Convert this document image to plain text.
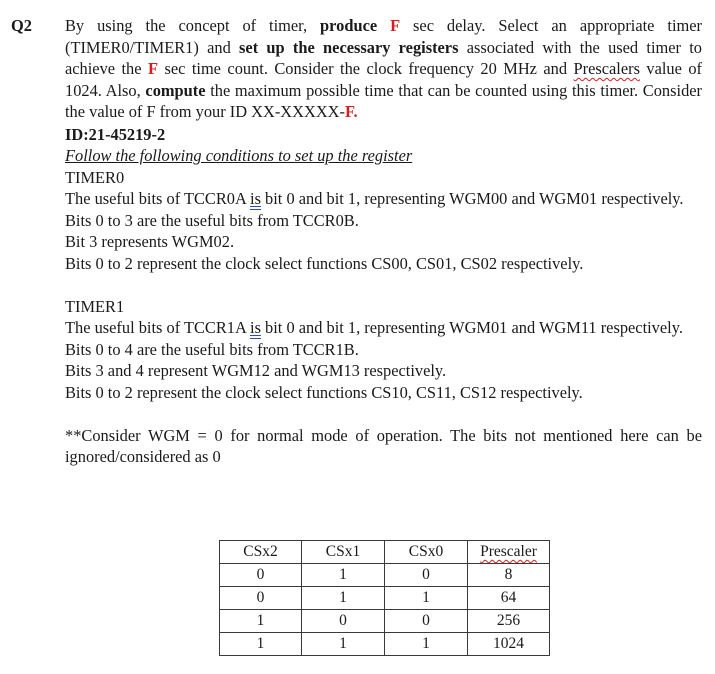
Q2 By using the concept of timer, produce F sec delay. Select an appropriate timer (TIMER0/TIMER1) and set up the necessary registers associated with the used timer to achieve the F sec time count. Consider the clock frequency 20 MHz and Prescalers value of 1024. Also, compute the maximum possible time that can be counted using this timer. Consider the value of F from your ID XX-XXXXX-F.
ID:21-45219-2
Follow the following conditions to set up the register
TIMER0
The useful bits of TCCR0A is bit 0 and bit 1, representing WGM00 and WGM01 respectively.
Bits 0 to 3 are the useful bits from TCCR0B.
Bit 3 represents WGM02.
Bits 0 to 2 represent the clock select functions CS00, CS01, CS02 respectively.
TIMER1
The useful bits of TCCR1A is bit 0 and bit 1, representing WGM01 and WGM11 respectively.
Bits 0 to 4 are the useful bits from TCCR1B.
Bits 3 and 4 represent WGM12 and WGM13 respectively.
Bits 0 to 2 represent the clock select functions CS10, CS11, CS12 respectively.
**Consider WGM = 0 for normal mode of operation. The bits not mentioned here can be ignored/considered as 0
CSx2	CSx1	CSx0	Prescaler
0	1	0	8
0	1	1	64
1	0	0	256
1	1	1	1024
